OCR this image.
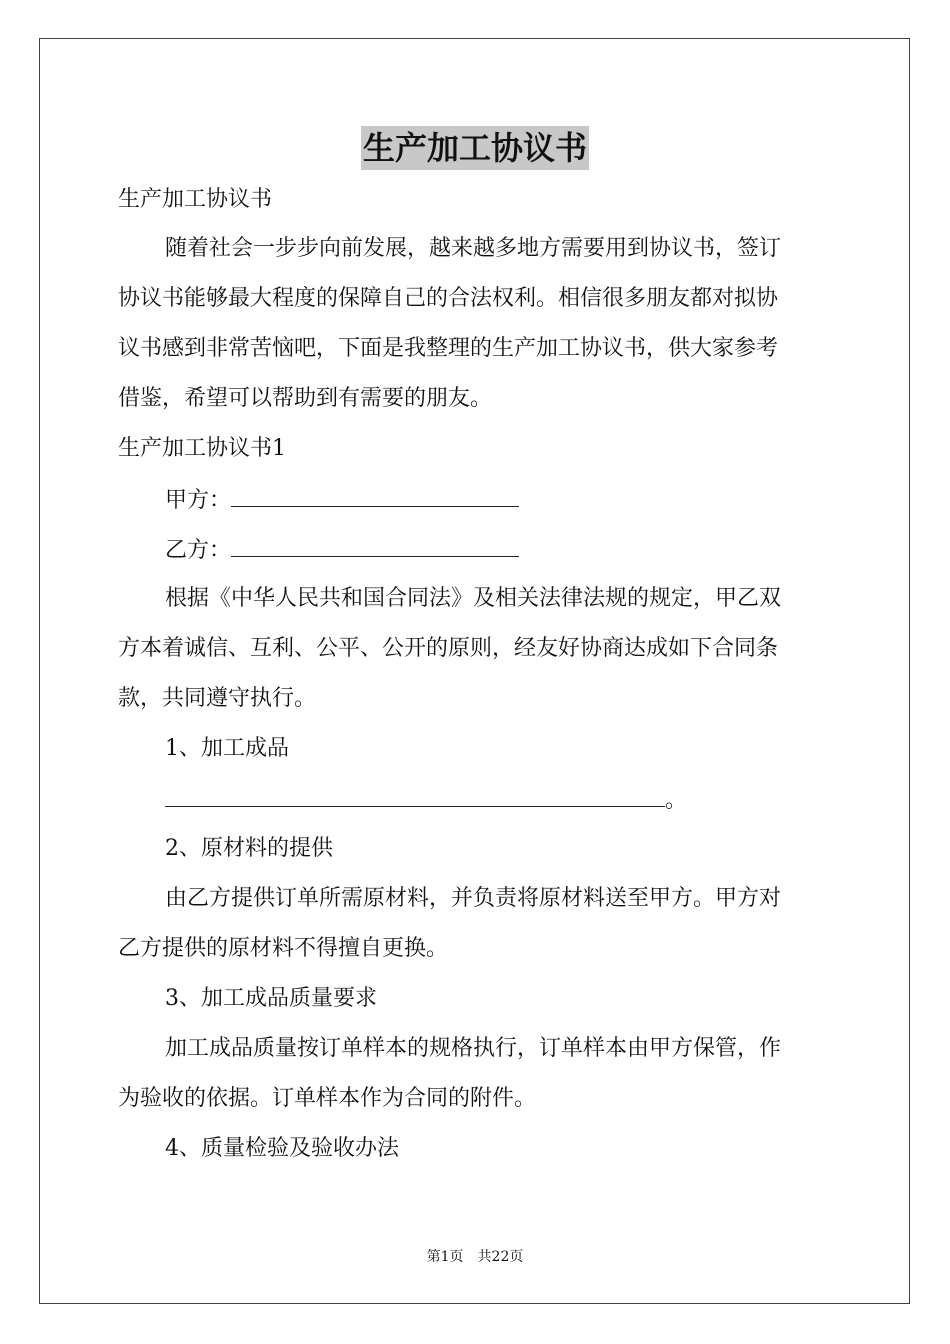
生产加工协议书
生产加工协议书
随着社会一步步向前发展，越来越多地方需要用到协议书，签订
协议书能够最大程度的保障自己的合法权利。相信很多朋友都对拟协
议书感到非常苦恼吧，下面是我整理的生产加工协议书，供大家参考
借鉴，希望可以帮助到有需要的朋友。
生产加工协议书1
甲方：
乙方：
根据《中华人民共和国合同法》及相关法律法规的规定，甲乙双
方本着诚信、互利、公平、公开的原则，经友好协商达成如下合同条
款，共同遵守执行。
1、加工成品
。
2、原材料的提供
由乙方提供订单所需原材料，并负责将原材料送至甲方。甲方对
乙方提供的原材料不得擅自更换。
3、加工成品质量要求
加工成品质量按订单样本的规格执行，订单样本由甲方保管，作
为验收的依据。订单样本作为合同的附件。
4、质量检验及验收办法
第1页　共22页
